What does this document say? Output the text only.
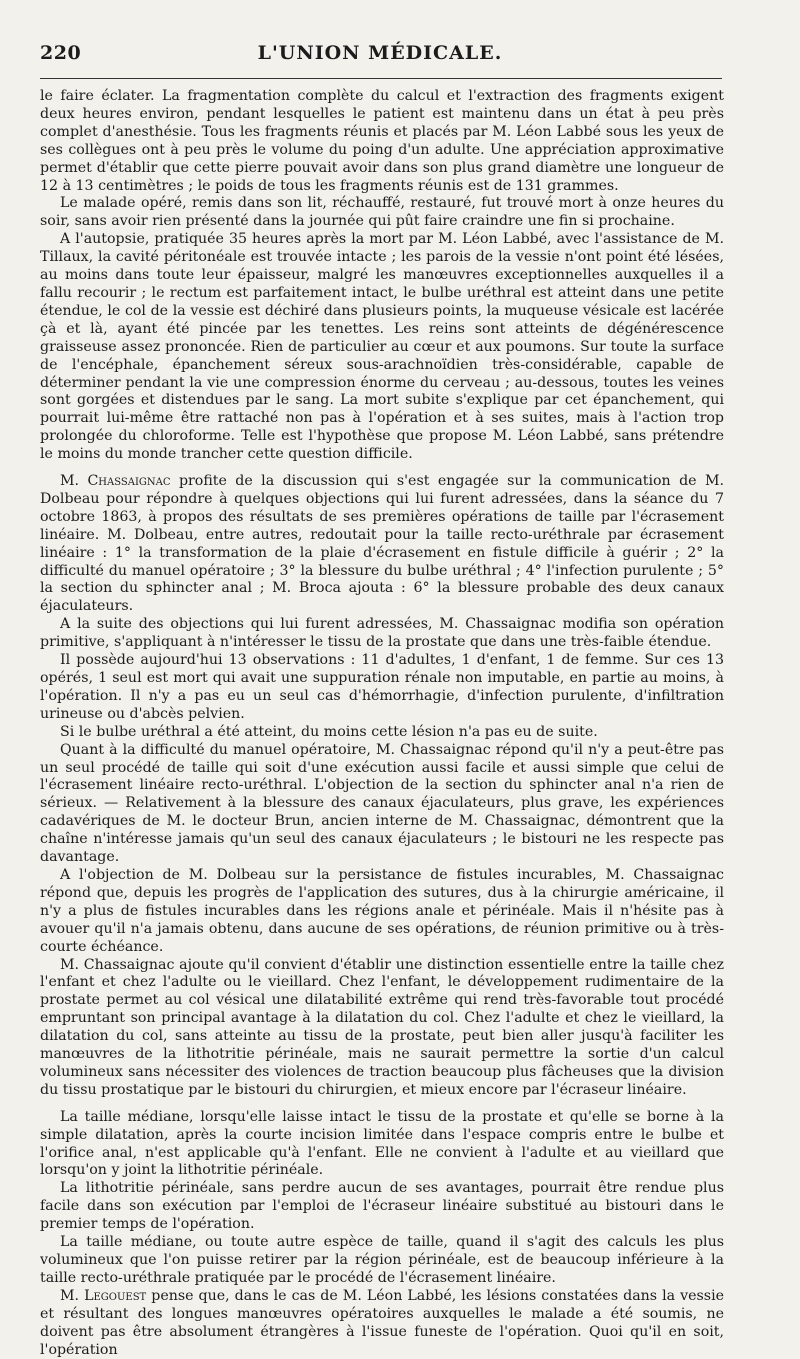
220	L'UNION MÉDICALE.

le faire éclater. La fragmentation complète du calcul et l'extraction des fragments exigent deux heures environ, pendant lesquelles le patient est maintenu dans un état à peu près complet d'anesthésie. Tous les fragments réunis et placés par M. Léon Labbé sous les yeux de ses collègues ont à peu près le volume du poing d'un adulte. Une appréciation approximative permet d'établir que cette pierre pouvait avoir dans son plus grand diamètre une longueur de 12 à 13 centimètres ; le poids de tous les fragments réunis est de 131 grammes.

Le malade opéré, remis dans son lit, réchauffé, restauré, fut trouvé mort à onze heures du soir, sans avoir rien présenté dans la journée qui pût faire craindre une fin si prochaine.

A l'autopsie, pratiquée 35 heures après la mort par M. Léon Labbé, avec l'assistance de M. Tillaux, la cavité péritonéale est trouvée intacte ; les parois de la vessie n'ont point été lésées, au moins dans toute leur épaisseur, malgré les manœuvres exceptionnelles auxquelles il a fallu recourir ; le rectum est parfaitement intact, le bulbe uréthral est atteint dans une petite étendue, le col de la vessie est déchiré dans plusieurs points, la muqueuse vésicale est lacérée çà et là, ayant été pincée par les tenettes. Les reins sont atteints de dégénérescence graisseuse assez prononcée. Rien de particulier au cœur et aux poumons. Sur toute la surface de l'encéphale, épanchement séreux sous-arachnoïdien très-considérable, capable de déterminer pendant la vie une compression énorme du cerveau ; au-dessous, toutes les veines sont gorgées et distendues par le sang. La mort subite s'explique par cet épanchement, qui pourrait lui-même être rattaché non pas à l'opération et à ses suites, mais à l'action trop prolongée du chloroforme. Telle est l'hypothèse que propose M. Léon Labbé, sans prétendre le moins du monde trancher cette question difficile.

M. Chassaignac profite de la discussion qui s'est engagée sur la communication de M. Dolbeau pour répondre à quelques objections qui lui furent adressées, dans la séance du 7 octobre 1863, à propos des résultats de ses premières opérations de taille par l'écrasement linéaire. M. Dolbeau, entre autres, redoutait pour la taille recto-uréthrale par écrasement linéaire : 1° la transformation de la plaie d'écrasement en fistule difficile à guérir ; 2° la difficulté du manuel opératoire ; 3° la blessure du bulbe uréthral ; 4° l'infection purulente ; 5° la section du sphincter anal ; M. Broca ajouta : 6° la blessure probable des deux canaux éjaculateurs.

A la suite des objections qui lui furent adressées, M. Chassaignac modifia son opération primitive, s'appliquant à n'intéresser le tissu de la prostate que dans une très-faible étendue.

Il possède aujourd'hui 13 observations : 11 d'adultes, 1 d'enfant, 1 de femme. Sur ces 13 opérés, 1 seul est mort qui avait une suppuration rénale non imputable, en partie au moins, à l'opération. Il n'y a pas eu un seul cas d'hémorrhagie, d'infection purulente, d'infiltration urineuse ou d'abcès pelvien.

Si le bulbe uréthral a été atteint, du moins cette lésion n'a pas eu de suite.

Quant à la difficulté du manuel opératoire, M. Chassaignac répond qu'il n'y a peut-être pas un seul procédé de taille qui soit d'une exécution aussi facile et aussi simple que celui de l'écrasement linéaire recto-uréthral. L'objection de la section du sphincter anal n'a rien de sérieux. — Relativement à la blessure des canaux éjaculateurs, plus grave, les expériences cadavériques de M. le docteur Brun, ancien interne de M. Chassaignac, démontrent que la chaîne n'intéresse jamais qu'un seul des canaux éjaculateurs ; le bistouri ne les respecte pas davantage.

A l'objection de M. Dolbeau sur la persistance de fistules incurables, M. Chassaignac répond que, depuis les progrès de l'application des sutures, dus à la chirurgie américaine, il n'y a plus de fistules incurables dans les régions anale et périnéale. Mais il n'hésite pas à avouer qu'il n'a jamais obtenu, dans aucune de ses opérations, de réunion primitive ou à très-courte échéance.

M. Chassaignac ajoute qu'il convient d'établir une distinction essentielle entre la taille chez l'enfant et chez l'adulte ou le vieillard. Chez l'enfant, le développement rudimentaire de la prostate permet au col vésical une dilatabilité extrême qui rend très-favorable tout procédé empruntant son principal avantage à la dilatation du col. Chez l'adulte et chez le vieillard, la dilatation du col, sans atteinte au tissu de la prostate, peut bien aller jusqu'à faciliter les manœuvres de la lithotritie périnéale, mais ne saurait permettre la sortie d'un calcul volumineux sans nécessiter des violences de traction beaucoup plus fâcheuses que la division du tissu prostatique par le bistouri du chirurgien, et mieux encore par l'écraseur linéaire.

La taille médiane, lorsqu'elle laisse intact le tissu de la prostate et qu'elle se borne à la simple dilatation, après la courte incision limitée dans l'espace compris entre le bulbe et l'orifice anal, n'est applicable qu'à l'enfant. Elle ne convient à l'adulte et au vieillard que lorsqu'on y joint la lithotritie périnéale.

La lithotritie périnéale, sans perdre aucun de ses avantages, pourrait être rendue plus facile dans son exécution par l'emploi de l'écraseur linéaire substitué au bistouri dans le premier temps de l'opération.

La taille médiane, ou toute autre espèce de taille, quand il s'agit des calculs les plus volumineux que l'on puisse retirer par la région périnéale, est de beaucoup inférieure à la taille recto-uréthrale pratiquée par le procédé de l'écrasement linéaire.

M. Legouest pense que, dans le cas de M. Léon Labbé, les lésions constatées dans la vessie et résultant des longues manœuvres opératoires auxquelles le malade a été soumis, ne doivent pas être absolument étrangères à l'issue funeste de l'opération. Quoi qu'il en soit, l'opération
